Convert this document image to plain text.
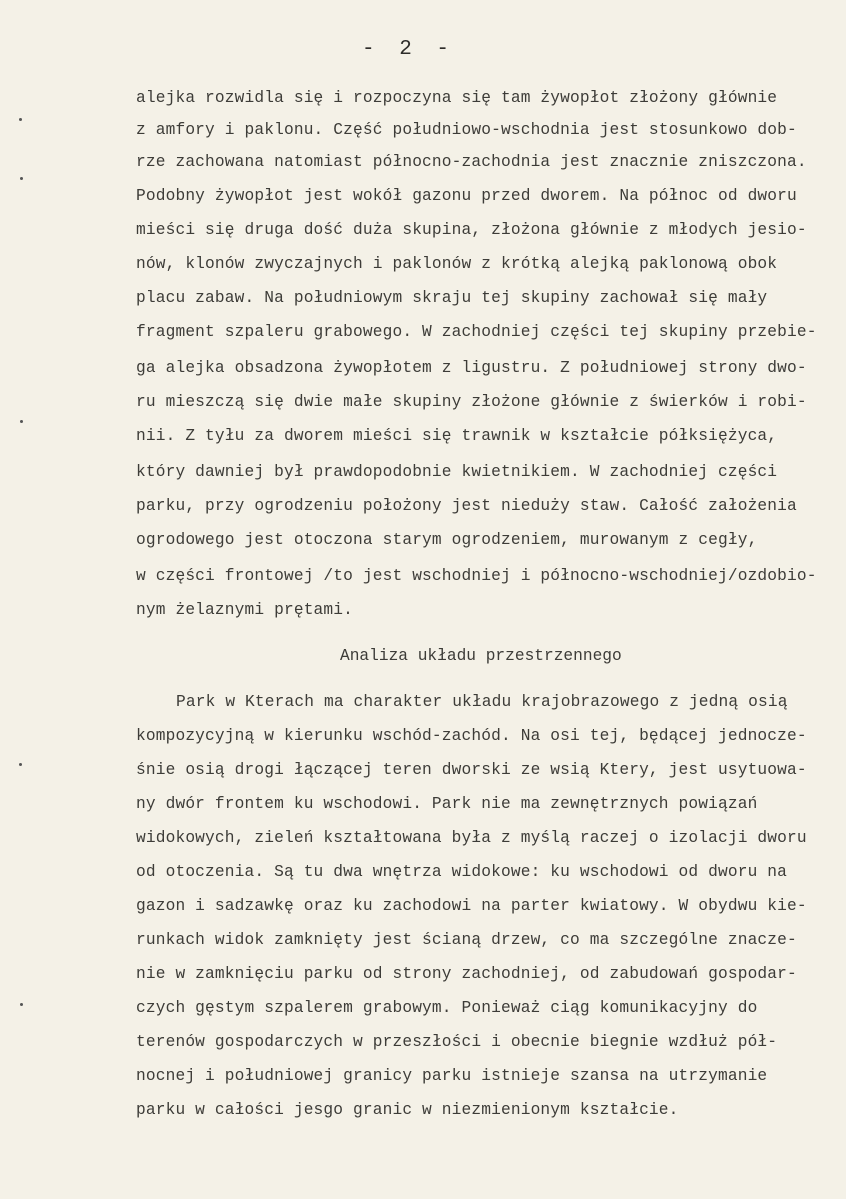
- 2 -
alejka rozwidla się i rozpoczyna się tam żywopłot złożony głównie
z amfory i paklonu. Część południowo-wschodnia jest stosunkowo dob-
rze zachowana natomiast północno-zachodnia jest znacznie zniszczona.
Podobny żywopłot jest wokół gazonu przed dworem. Na północ od dworu
mieści się druga dość duża skupina, złożona głównie z młodych jesio-
nów, klonów zwyczajnych i paklonów z krótką alejką paklonową obok
placu zabaw. Na południowym skraju tej skupiny zachował się mały
fragment szpaleru grabowego. W zachodniej części tej skupiny przebie-
ga alejka obsadzona żywopłotem z ligustru. Z południowej strony dwo-
ru mieszczą się dwie małe skupiny złożone głównie z świerków i robi-
nii. Z tyłu za dworem mieści się trawnik w kształcie półksiężyca,
który dawniej był prawdopodobnie kwietnikiem. W zachodniej części
parku, przy ogrodzeniu położony jest nieduży staw. Całość założenia
ogrodowego jest otoczona starym ogrodzeniem, murowanym z cegły,
w części frontowej /to jest wschodniej i północno-wschodniej/ozdobio-
nym żelaznymi prętami.
Analiza układu przestrzennego
Park w Kterach ma charakter układu krajobrazowego z jedną osią
kompozycyjną w kierunku wschód-zachód. Na osi tej, będącej jednocze-
śnie osią drogi łączącej teren dworski ze wsią Ktery, jest usytuowa-
ny dwór frontem ku wschodowi. Park nie ma zewnętrznych powiązań
widokowych, zieleń kształtowana była z myślą raczej o izolacji dworu
od otoczenia. Są tu dwa wnętrza widokowe: ku wschodowi od dworu na
gazon i sadzawkę oraz ku zachodowi na parter kwiatowy. W obydwu kie-
runkach widok zamknięty jest ścianą drzew, co ma szczególne znacze-
nie w zamknięciu parku od strony zachodniej, od zabudowań gospodar-
czych gęstym szpalerem grabowym. Ponieważ ciąg komunikacyjny do
terenów gospodarczych w przeszłości i obecnie biegnie wzdłuż pół-
nocnej i południowej granicy parku istnieje szansa na utrzymanie
parku w całości jesgo granic w niezmienionym kształcie.
